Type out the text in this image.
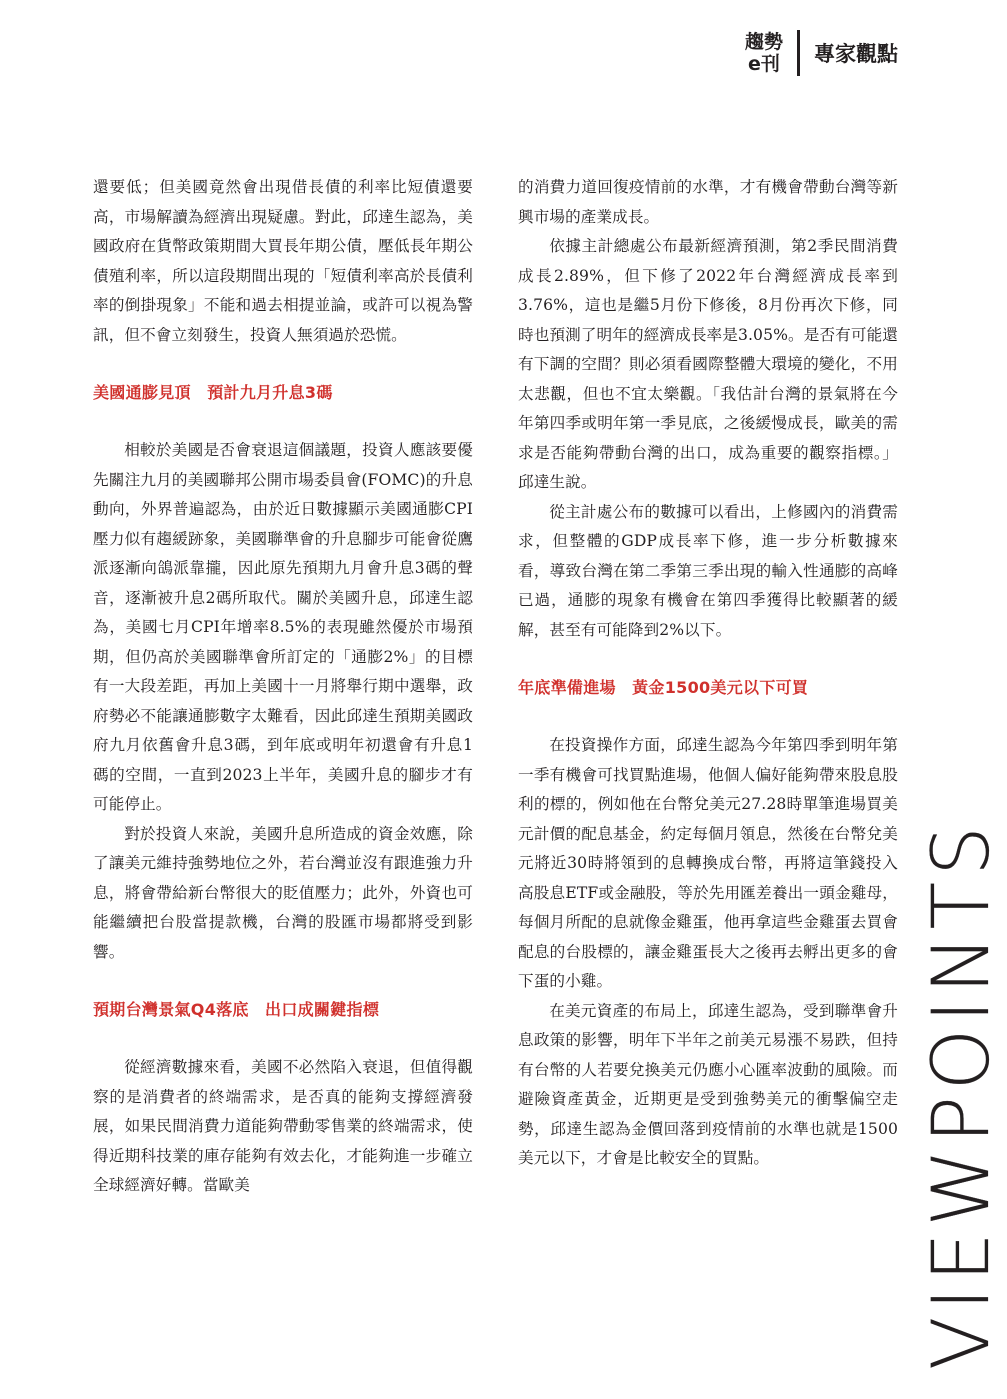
趨勢
e刊 專家觀點

還要低；但美國竟然會出現借長債的利率比短債還要高，市場解讀為經濟出現疑慮。對此，邱達生認為，美國政府在貨幣政策期間大買長年期公債，壓低長年期公債殖利率，所以這段期間出現的「短債利率高於長債利率的倒掛現象」不能和過去相提並論，或許可以視為警訊，但不會立刻發生，投資人無須過於恐慌。

美國通膨見頂　預計九月升息3碼

相較於美國是否會衰退這個議題，投資人應該要優先關注九月的美國聯邦公開市場委員會(FOMC)的升息動向，外界普遍認為，由於近日數據顯示美國通膨CPI壓力似有趨緩跡象，美國聯準會的升息腳步可能會從鷹派逐漸向鴿派靠攏，因此原先預期九月會升息3碼的聲音，逐漸被升息2碼所取代。關於美國升息，邱達生認為，美國七月CPI年增率8.5%的表現雖然優於市場預期，但仍高於美國聯準會所訂定的「通膨2%」的目標有一大段差距，再加上美國十一月將舉行期中選舉，政府勢必不能讓通膨數字太難看，因此邱達生預期美國政府九月依舊會升息3碼，到年底或明年初還會有升息1碼的空間，一直到2023上半年，美國升息的腳步才有可能停止。

對於投資人來說，美國升息所造成的資金效應，除了讓美元維持強勢地位之外，若台灣並沒有跟進強力升息，將會帶給新台幣很大的貶值壓力；此外，外資也可能繼續把台股當提款機，台灣的股匯市場都將受到影響。

預期台灣景氣Q4落底　出口成關鍵指標

從經濟數據來看，美國不必然陷入衰退，但值得觀察的是消費者的終端需求，是否真的能夠支撐經濟發展，如果民間消費力道能夠帶動零售業的終端需求，使得近期科技業的庫存能夠有效去化，才能夠進一步確立全球經濟好轉。當歐美

的消費力道回復疫情前的水準，才有機會帶動台灣等新興市場的產業成長。

依據主計總處公布最新經濟預測，第2季民間消費成長2.89%，但下修了2022年台灣經濟成長率到3.76%，這也是繼5月份下修後，8月份再次下修，同時也預測了明年的經濟成長率是3.05%。是否有可能還有下調的空間？則必須看國際整體大環境的變化，不用太悲觀，但也不宜太樂觀。「我估計台灣的景氣將在今年第四季或明年第一季見底，之後緩慢成長，歐美的需求是否能夠帶動台灣的出口，成為重要的觀察指標。」邱達生說。

從主計處公布的數據可以看出，上修國內的消費需求，但整體的GDP成長率下修，進一步分析數據來看，導致台灣在第二季第三季出現的輸入性通膨的高峰已過，通膨的現象有機會在第四季獲得比較顯著的緩解，甚至有可能降到2%以下。

年底準備進場　黃金1500美元以下可買

在投資操作方面，邱達生認為今年第四季到明年第一季有機會可找買點進場，他個人偏好能夠帶來股息股利的標的，例如他在台幣兌美元27.28時單筆進場買美元計價的配息基金，約定每個月領息，然後在台幣兌美元將近30時將領到的息轉換成台幣，再將這筆錢投入高股息ETF或金融股，等於先用匯差養出一頭金雞母，每個月所配的息就像金雞蛋，他再拿這些金雞蛋去買會配息的台股標的，讓金雞蛋長大之後再去孵出更多的會下蛋的小雞。

在美元資產的布局上，邱達生認為，受到聯準會升息政策的影響，明年下半年之前美元易漲不易跌，但持有台幣的人若要兌換美元仍應小心匯率波動的風險。而避險資產黃金，近期更是受到強勢美元的衝擊偏空走勢，邱達生認為金價回落到疫情前的水準也就是1500美元以下，才會是比較安全的買點。	VIEWPOINTS
